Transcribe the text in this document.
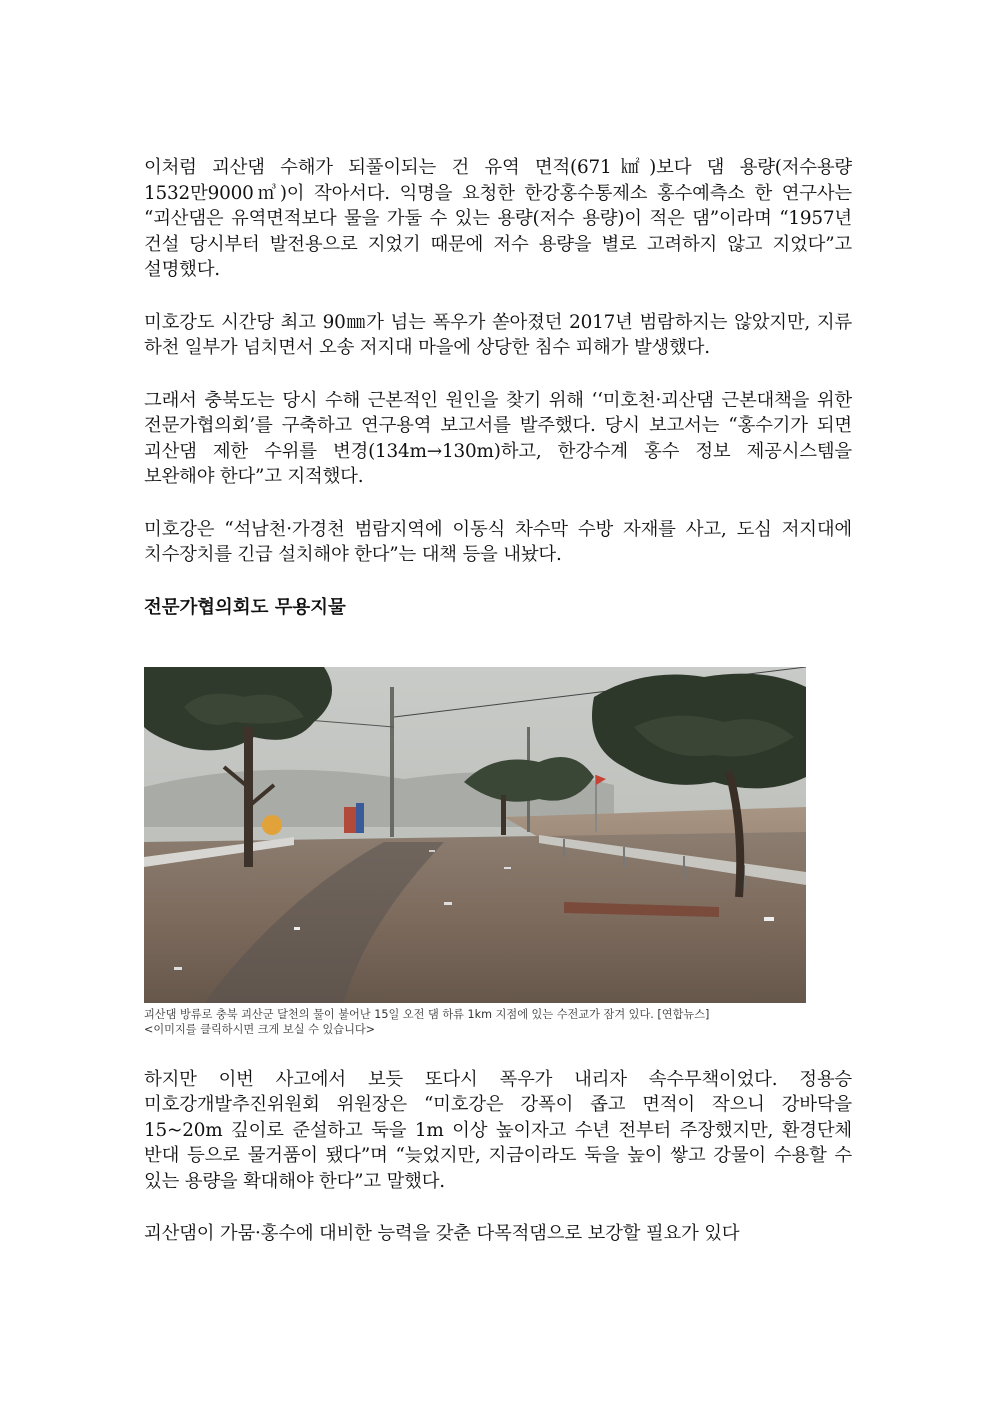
이처럼 괴산댐 수해가 되풀이되는 건 유역 면적(671㎢)보다 댐 용량(저수용량 1532만9000㎥)이 작아서다. 익명을 요청한 한강홍수통제소 홍수예측소 한 연구사는 “괴산댐은 유역면적보다 물을 가둘 수 있는 용량(저수 용량)이 적은 댐”이라며 “1957년 건설 당시부터 발전용으로 지었기 때문에 저수 용량을 별로 고려하지 않고 지었다”고 설명했다.

미호강도 시간당 최고 90㎜가 넘는 폭우가 쏟아졌던 2017년 범람하지는 않았지만, 지류 하천 일부가 넘치면서 오송 저지대 마을에 상당한 침수 피해가 발생했다.

그래서 충북도는 당시 수해 근본적인 원인을 찾기 위해 ‘‘미호천·괴산댐 근본대책을 위한 전문가협의회’를 구축하고 연구용역 보고서를 발주했다. 당시 보고서는 “홍수기가 되면 괴산댐 제한 수위를 변경(134m→130m)하고, 한강수계 홍수 정보 제공시스템을 보완해야 한다”고 지적했다.

미호강은 “석남천·가경천 범람지역에 이동식 차수막 수방 자재를 사고, 도심 저지대에 치수장치를 긴급 설치해야 한다”는 대책 등을 내놨다.

전문가협의회도 무용지물

괴산댐 방류로 충북 괴산군 달천의 물이 불어난 15일 오전 댐 하류 1km 지점에 있는 수전교가 잠겨 있다. [연합뉴스]
<이미지를 클릭하시면 크게 보실 수 있습니다>

하지만 이번 사고에서 보듯 또다시 폭우가 내리자 속수무책이었다. 정용승 미호강개발추진위원회 위원장은 “미호강은 강폭이 좁고 면적이 작으니 강바닥을 15~20m 깊이로 준설하고 둑을 1m 이상 높이자고 수년 전부터 주장했지만, 환경단체 반대 등으로 물거품이 됐다”며 “늦었지만, 지금이라도 둑을 높이 쌓고 강물이 수용할 수 있는 용량을 확대해야 한다”고 말했다.

괴산댐이 가뭄·홍수에 대비한 능력을 갖춘 다목적댐으로 보강할 필요가 있다
